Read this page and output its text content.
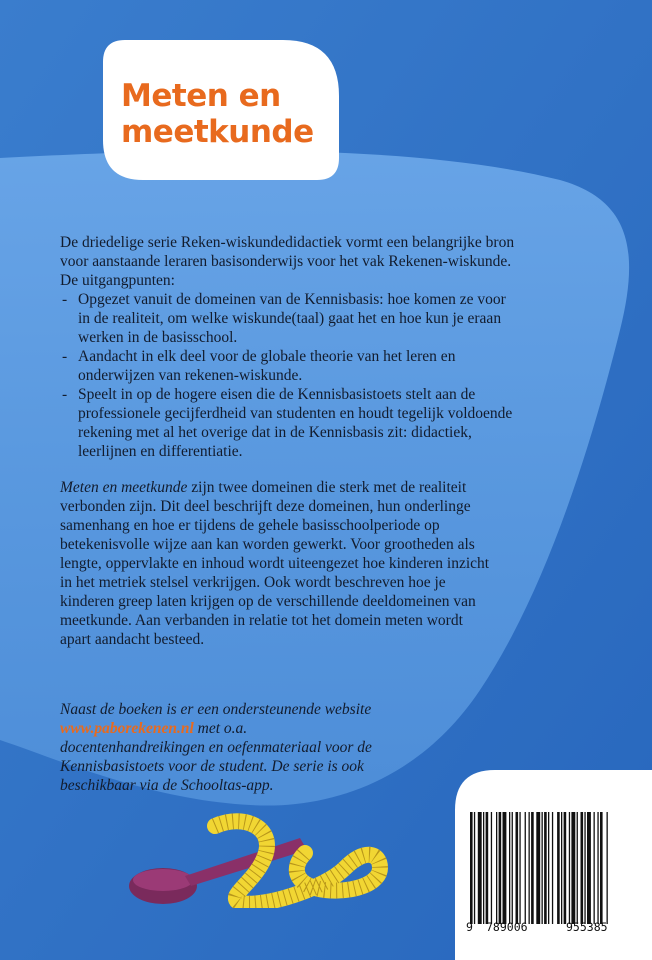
Meten en
meetkunde

De driedelige serie Reken-wiskundedidactiek vormt een belangrijke bron voor aanstaande leraren basisonderwijs voor het vak Rekenen-wiskunde. De uitgangpunten:

- Opgezet vanuit de domeinen van de Kennisbasis: hoe komen ze voor in de realiteit, om welke wiskunde(taal) gaat het en hoe kun je eraan werken in de basisschool.
- Aandacht in elk deel voor de globale theorie van het leren en onderwijzen van rekenen-wiskunde.
- Speelt in op de hogere eisen die de Kennisbasistoets stelt aan de professionele gecijferdheid van studenten en houdt tegelijk voldoende rekening met al het overige dat in de Kennisbasis zit: didactiek, leerlijnen en differentiatie.

Meten en meetkunde zijn twee domeinen die sterk met de realiteit verbonden zijn. Dit deel beschrijft deze domeinen, hun onderlinge samenhang en hoe er tijdens de gehele basisschoolperiode op betekenisvolle wijze aan kan worden gewerkt. Voor grootheden als lengte, oppervlakte en inhoud wordt uiteengezet hoe kinderen inzicht in het metriek stelsel verkrijgen. Ook wordt beschreven hoe je kinderen greep laten krijgen op de verschillende deeldomeinen van meetkunde. Aan verbanden in relatie tot het domein meten wordt apart aandacht besteed.

Naast de boeken is er een ondersteunende website www.paborekenen.nl met o.a. docentenhandreikingen en oefenmateriaal voor de Kennisbasistoets voor de student. De serie is ook beschikbaar via de Schooltas-app.

9 789006	955385
